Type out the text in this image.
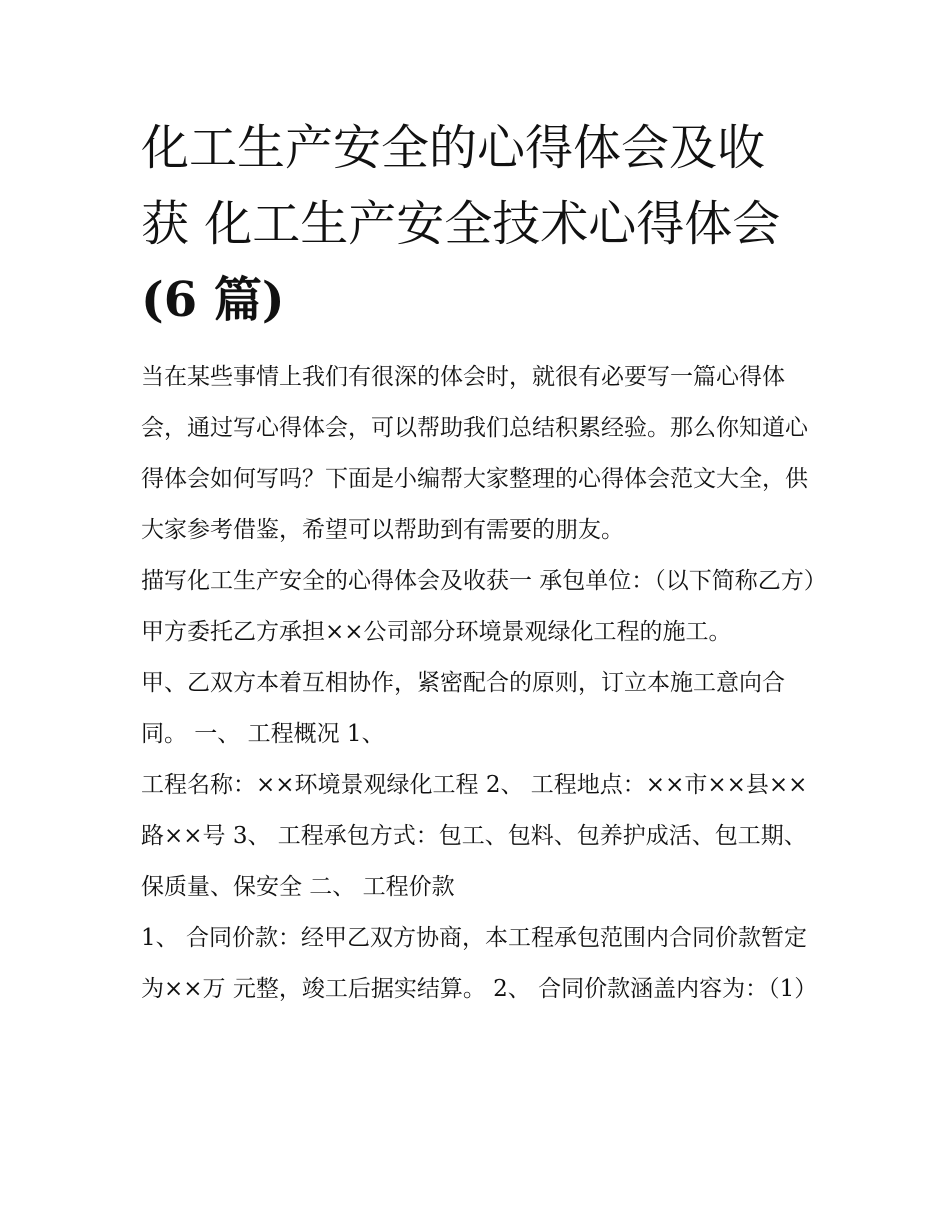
化工生产安全的心得体会及收
获 化工生产安全技术心得体会
(6 篇)

当在某些事情上我们有很深的体会时，就很有必要写一篇心得体会，通过写心得体会，可以帮助我们总结积累经验。那么你知道心得体会如何写吗？下面是小编帮大家整理的心得体会范文大全，供大家参考借鉴，希望可以帮助到有需要的朋友。

描写化工生产安全的心得体会及收获一 承包单位：（以下简称乙方）

甲方委托乙方承担××公司部分环境景观绿化工程的施工。

甲、乙双方本着互相协作，紧密配合的原则，订立本施工意向合同。 一、 工程概况 1、

工程名称：××环境景观绿化工程 2、 工程地点：××市××县××路××号 3、 工程承包方式：包工、包料、包养护成活、包工期、保质量、保安全 二、 工程价款

1、 合同价款：经甲乙双方协商，本工程承包范围内合同价款暂定为××万 元整，竣工后据实结算。 2、 合同价款涵盖内容为：（1）
